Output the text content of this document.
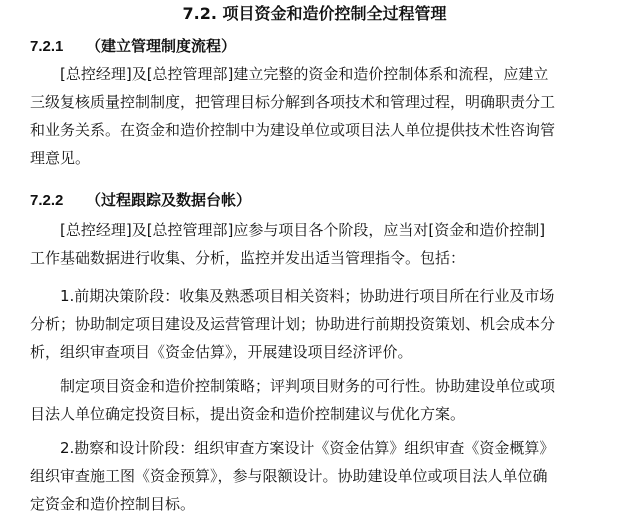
7.2. 项目资金和造价控制全过程管理
7.2.1 （建立管理制度流程）
[总控经理]及[总控管理部]建立完整的资金和造价控制体系和流程，应建立
三级复核质量控制制度，把管理目标分解到各项技术和管理过程，明确职责分工
和业务关系。在资金和造价控制中为建设单位或项目法人单位提供技术性咨询管
理意见。
7.2.2 （过程跟踪及数据台帐）
[总控经理]及[总控管理部]应参与项目各个阶段，应当对[资金和造价控制]
工作基础数据进行收集、分析，监控并发出适当管理指令。包括：
1.前期决策阶段：收集及熟悉项目相关资料；协助进行项目所在行业及市场
分析；协助制定项目建设及运营管理计划；协助进行前期投资策划、机会成本分
析，组织审查项目《资金估算》，开展建设项目经济评价。
制定项目资金和造价控制策略；评判项目财务的可行性。协助建设单位或项
目法人单位确定投资目标，提出资金和造价控制建议与优化方案。
2.勘察和设计阶段：组织审查方案设计《资金估算》组织审查《资金概算》
组织审查施工图《资金预算》，参与限额设计。协助建设单位或项目法人单位确
定资金和造价控制目标。
